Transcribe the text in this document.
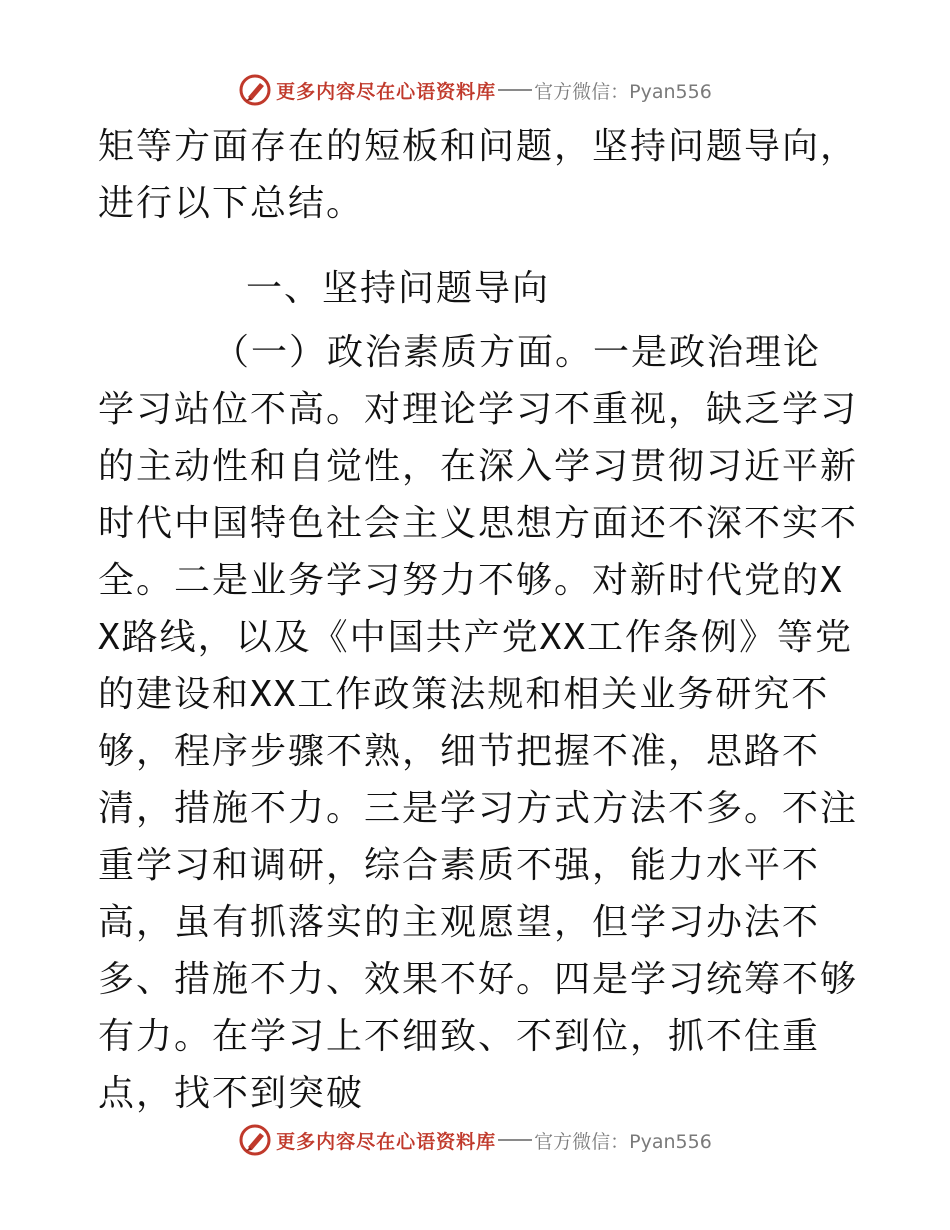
更多内容尽在心语资料库 官方微信：Pyan556

矩等方面存在的短板和问题，坚持问题导向，进行以下总结。

一、坚持问题导向

（一）政治素质方面。一是政治理论学习站位不高。对理论学习不重视，缺乏学习的主动性和自觉性，在深入学习贯彻习近平新时代中国特色社会主义思想方面还不深不实不全。二是业务学习努力不够。对新时代党的XX路线，以及《中国共产党XX工作条例》等党的建设和XX工作政策法规和相关业务研究不够，程序步骤不熟，细节把握不准，思路不清，措施不力。三是学习方式方法不多。不注重学习和调研，综合素质不强，能力水平不高，虽有抓落实的主观愿望，但学习办法不多、措施不力、效果不好。四是学习统筹不够有力。在学习上不细致、不到位，抓不住重点，找不到突破

更多内容尽在心语资料库 官方微信：Pyan556
